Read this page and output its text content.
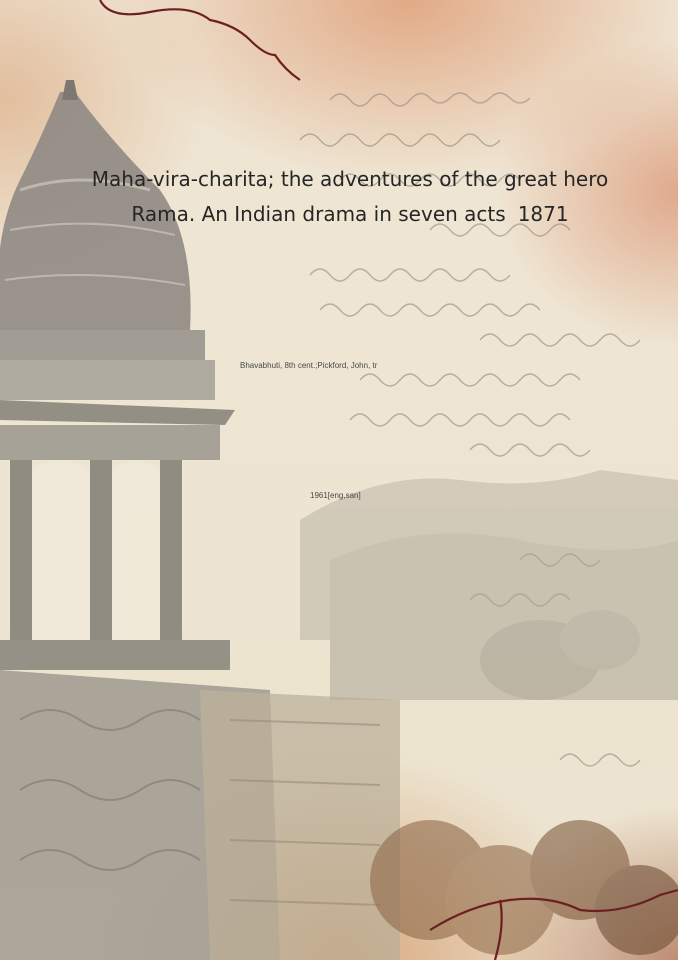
Maha-vira-charita; the adventures of the great hero Rama. An Indian drama in seven acts 1871
Bhavabhuti, 8th cent.;Pickford, John, tr
1961[eng,san]
